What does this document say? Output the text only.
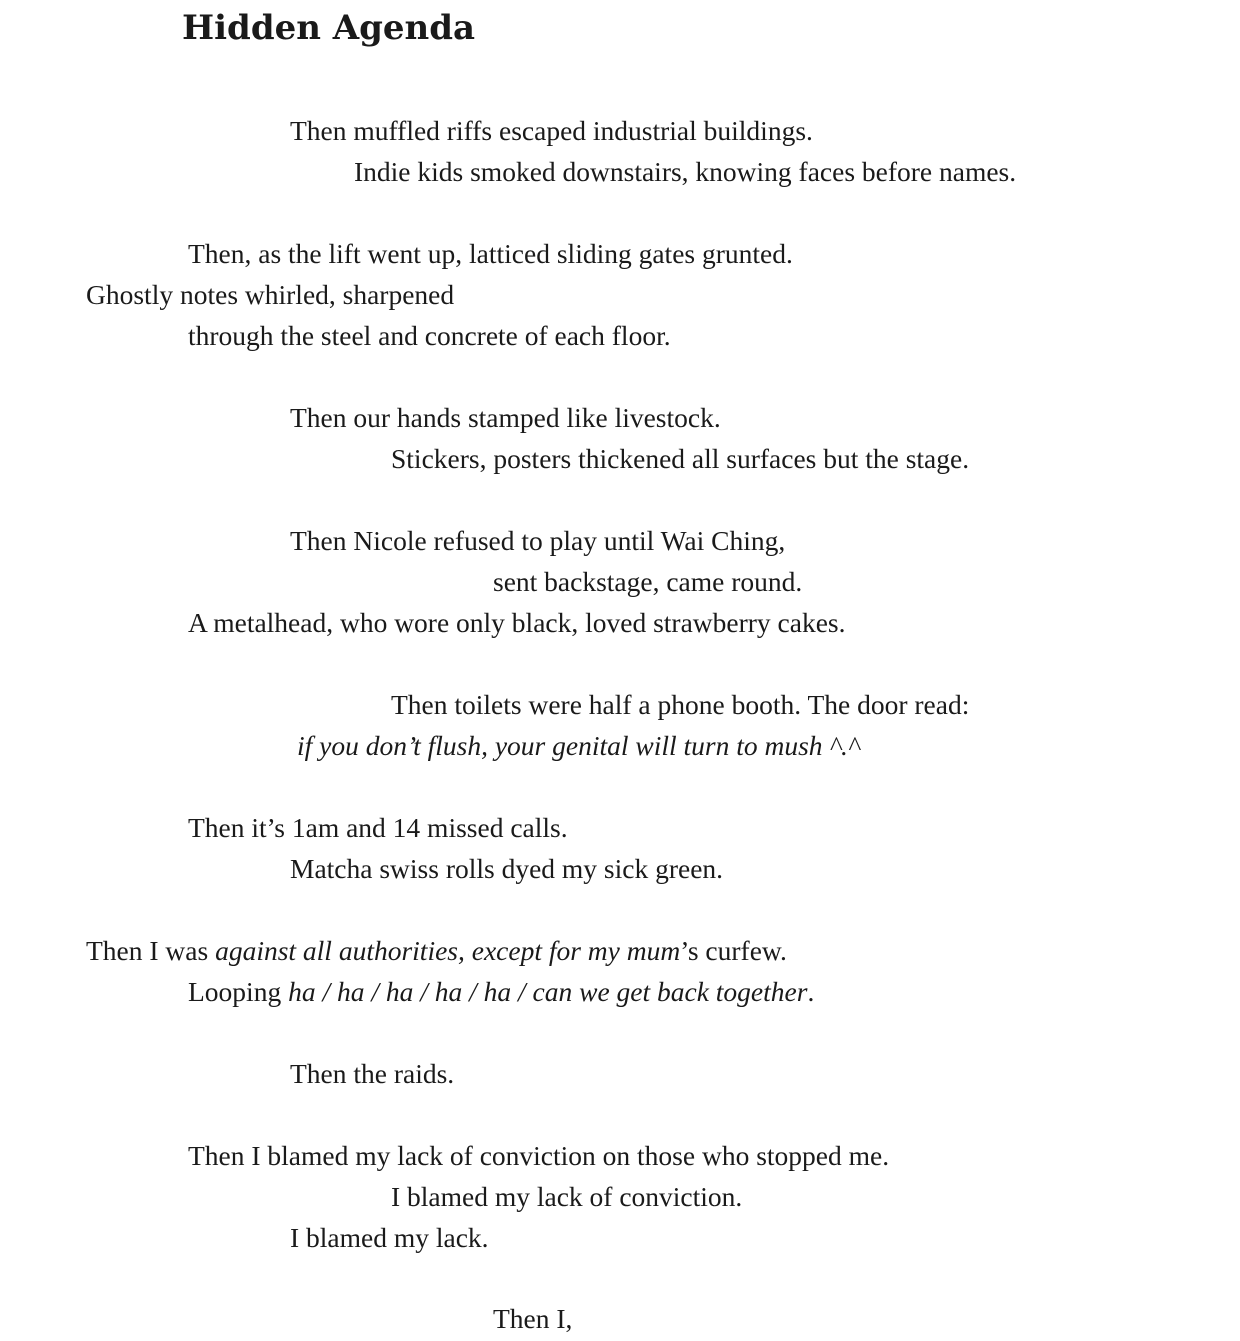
Hidden Agenda

Then muffled riffs escaped industrial buildings.

Indie kids smoked downstairs, knowing faces before names.

Then, as the lift went up, latticed sliding gates grunted.

Ghostly notes whirled, sharpened

through the steel and concrete of each floor.

Then our hands stamped like livestock.

Stickers, posters thickened all surfaces but the stage.

Then Nicole refused to play until Wai Ching,

sent backstage, came round.

A metalhead, who wore only black, loved strawberry cakes.

Then toilets were half a phone booth. The door read:

if you don’t flush, your genital will turn to mush ^.^

Then it’s 1am and 14 missed calls.

Matcha swiss rolls dyed my sick green.

Then I was against all authorities, except for my mum’s curfew.

Looping ha / ha / ha / ha / ha / can we get back together.

Then the raids.

Then I blamed my lack of conviction on those who stopped me.

I blamed my lack of conviction.

I blamed my lack.

Then I,
